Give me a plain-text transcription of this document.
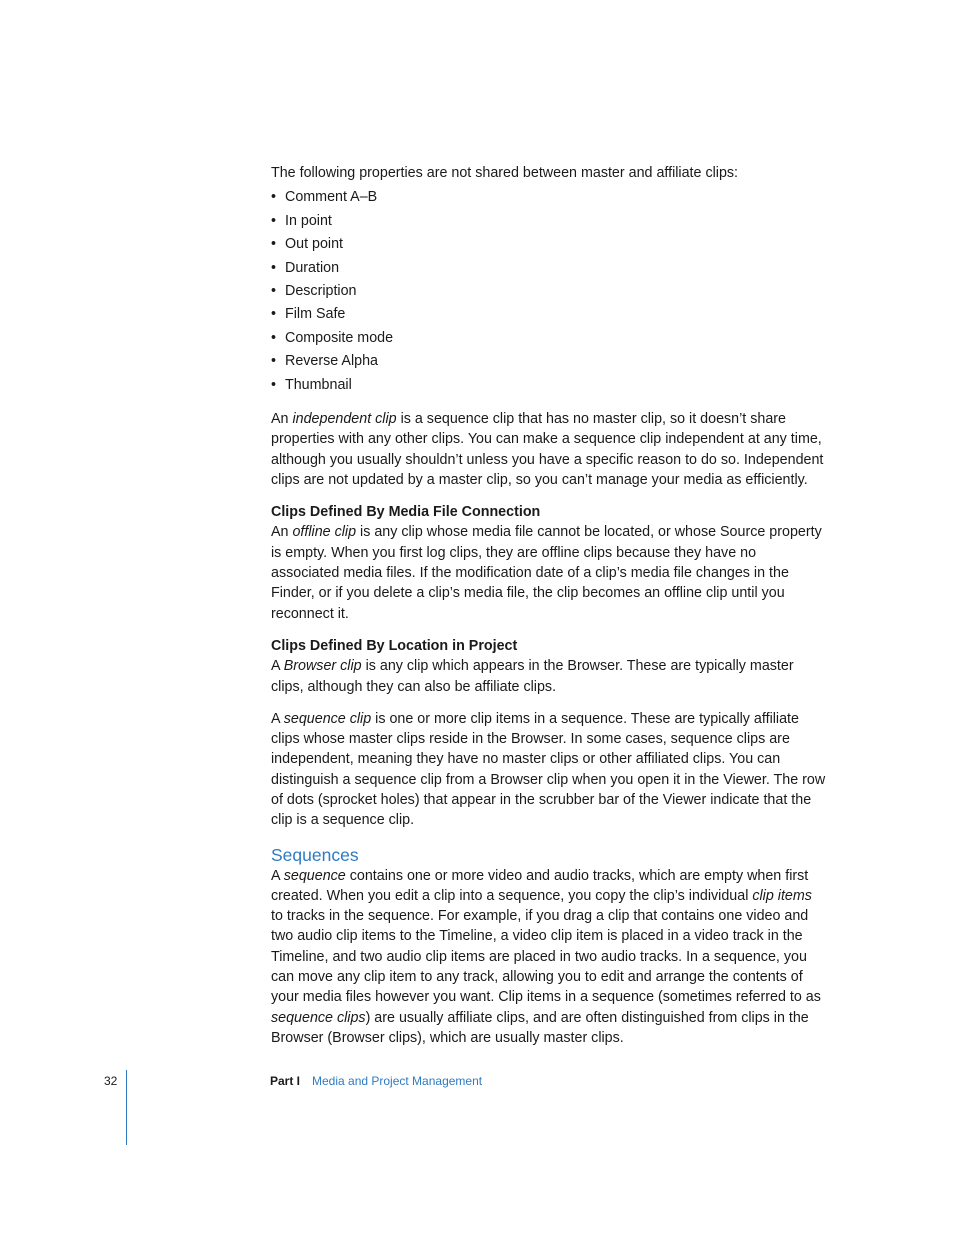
The following properties are not shared between master and affiliate clips:

• Comment A–B
• In point
• Out point
• Duration
• Description
• Film Safe
• Composite mode
• Reverse Alpha
• Thumbnail

An independent clip is a sequence clip that has no master clip, so it doesn’t share properties with any other clips. You can make a sequence clip independent at any time, although you usually shouldn’t unless you have a specific reason to do so. Independent clips are not updated by a master clip, so you can’t manage your media as efficiently.

Clips Defined By Media File Connection

An offline clip is any clip whose media file cannot be located, or whose Source property is empty. When you first log clips, they are offline clips because they have no associated media files. If the modification date of a clip’s media file changes in the Finder, or if you delete a clip’s media file, the clip becomes an offline clip until you reconnect it.

Clips Defined By Location in Project

A Browser clip is any clip which appears in the Browser. These are typically master clips, although they can also be affiliate clips.

A sequence clip is one or more clip items in a sequence. These are typically affiliate clips whose master clips reside in the Browser. In some cases, sequence clips are independent, meaning they have no master clips or other affiliated clips. You can distinguish a sequence clip from a Browser clip when you open it in the Viewer. The row of dots (sprocket holes) that appear in the scrubber bar of the Viewer indicate that the clip is a sequence clip.

Sequences

A sequence contains one or more video and audio tracks, which are empty when first created. When you edit a clip into a sequence, you copy the clip’s individual clip items to tracks in the sequence. For example, if you drag a clip that contains one video and two audio clip items to the Timeline, a video clip item is placed in a video track in the Timeline, and two audio clip items are placed in two audio tracks. In a sequence, you can move any clip item to any track, allowing you to edit and arrange the contents of your media files however you want. Clip items in a sequence (sometimes referred to as sequence clips) are usually affiliate clips, and are often distinguished from clips in the Browser (Browser clips), which are usually master clips.

32	Part I Media and Project Management
